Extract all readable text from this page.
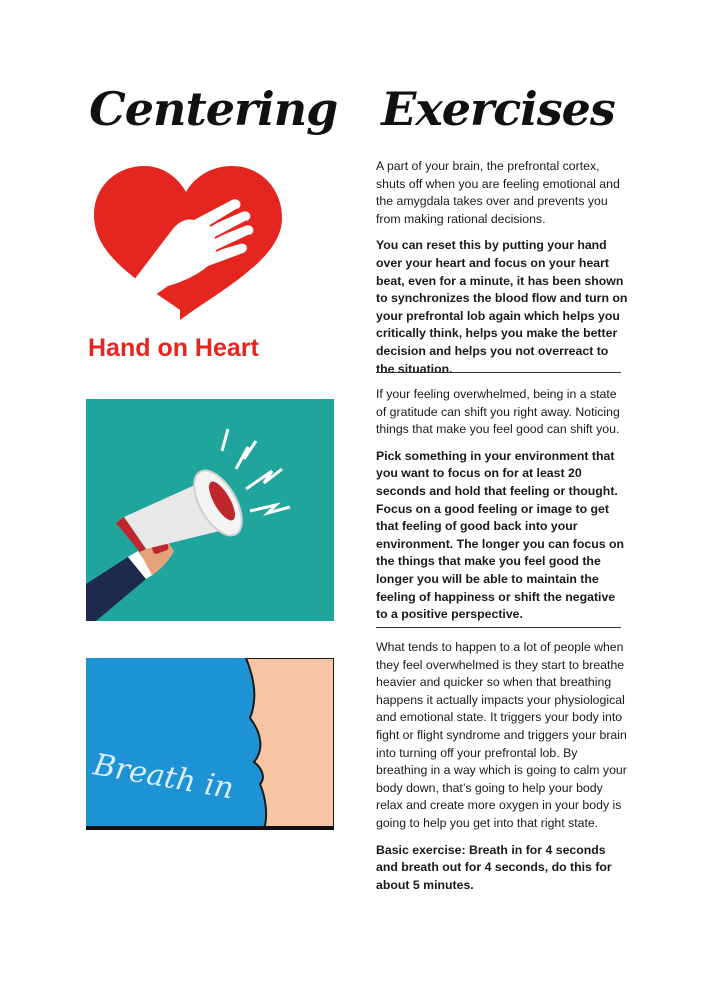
Centering Exercises
Hand on Heart
Breath in

A part of your brain, the prefrontal cortex, shuts off when you are feeling emotional and the amygdala takes over and prevents you from making rational decisions.

You can reset this by putting your hand over your heart and focus on your heart beat, even for a minute, it has been shown to synchronizes the blood flow and turn on your prefrontal lob again which helps you critically think, helps you make the better decision and helps you not overreact to the situation.

If your feeling overwhelmed, being in a state of gratitude can shift you right away. Noticing things that make you feel good can shift you.

Pick something in your environment that you want to focus on for at least 20 seconds and hold that feeling or thought. Focus on a good feeling or image to get that feeling of good back into your environment. The longer you can focus on the things that make you feel good the longer you will be able to maintain the feeling of happiness or shift the negative to a positive perspective.

What tends to happen to a lot of people when they feel overwhelmed is they start to breathe heavier and quicker so when that breathing happens it actually impacts your physiological and emotional state. It triggers your body into fight or flight syndrome and triggers your brain into turning off your prefrontal lob. By breathing in a way which is going to calm your body down, that’s going to help your body relax and create more oxygen in your body is going to help you get into that right state.

Basic exercise: Breath in for 4 seconds and breath out for 4 seconds, do this for about 5 minutes.
